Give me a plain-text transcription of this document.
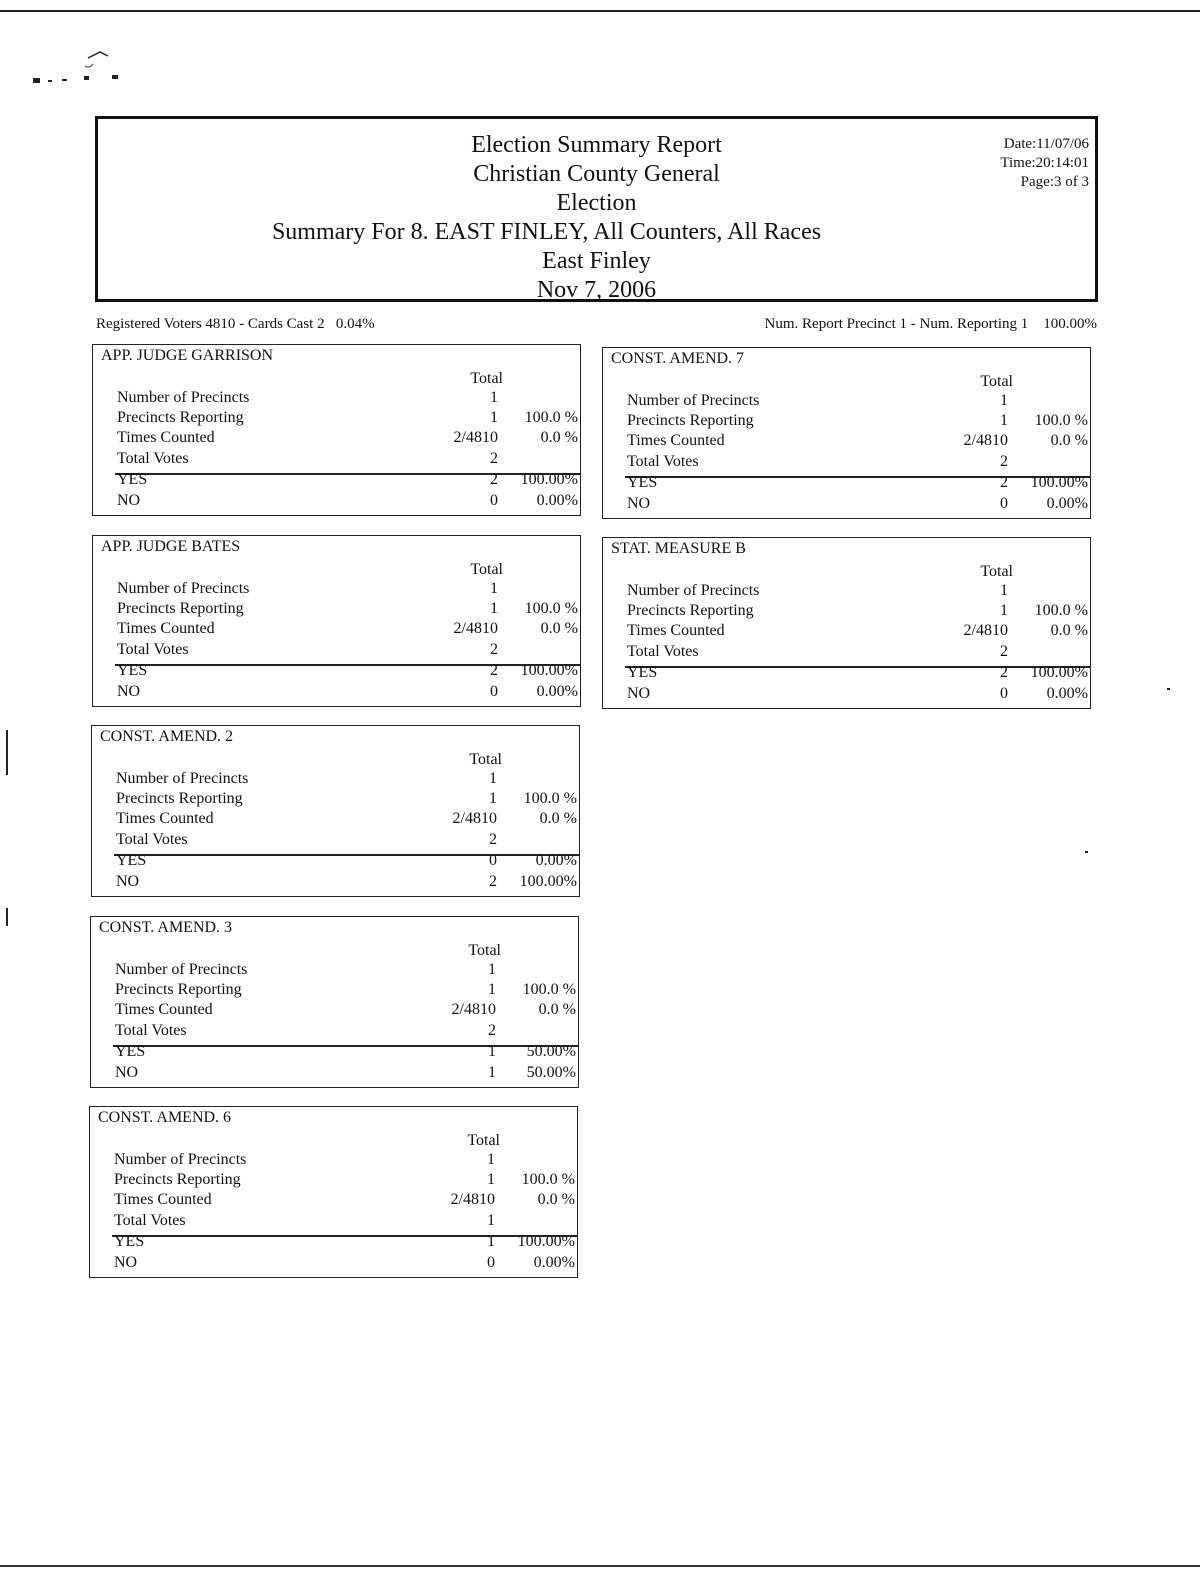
Election Summary Report
Christian County General
Election
Summary For 8. EAST FINLEY, All Counters, All Races
East Finley
Nov 7, 2006
Date:11/07/06
Time:20:14:01
Page:3 of 3
Registered Voters 4810 - Cards Cast 2   0.04%	Num. Report Precinct 1 - Num. Reporting 1    100.00%
APP. JUDGE GARRISON
Total
Number of Precincts	1
Precincts Reporting	1	100.0 %
Times Counted	2/4810	0.0 %
Total Votes	2
YES	2	100.00%
NO	0	0.00%
APP. JUDGE BATES
Total
Number of Precincts	1
Precincts Reporting	1	100.0 %
Times Counted	2/4810	0.0 %
Total Votes	2
YES	2	100.00%
NO	0	0.00%
CONST. AMEND. 2
Total
Number of Precincts	1
Precincts Reporting	1	100.0 %
Times Counted	2/4810	0.0 %
Total Votes	2
YES	0	0.00%
NO	2	100.00%
CONST. AMEND. 3
Total
Number of Precincts	1
Precincts Reporting	1	100.0 %
Times Counted	2/4810	0.0 %
Total Votes	2
YES	1	50.00%
NO	1	50.00%
CONST. AMEND. 6
Total
Number of Precincts	1
Precincts Reporting	1	100.0 %
Times Counted	2/4810	0.0 %
Total Votes	1
YES	1	100.00%
NO	0	0.00%
CONST. AMEND. 7
Total
Number of Precincts	1
Precincts Reporting	1	100.0 %
Times Counted	2/4810	0.0 %
Total Votes	2
YES	2	100.00%
NO	0	0.00%
STAT. MEASURE B
Total
Number of Precincts	1
Precincts Reporting	1	100.0 %
Times Counted	2/4810	0.0 %
Total Votes	2
YES	2	100.00%
NO	0	0.00%
